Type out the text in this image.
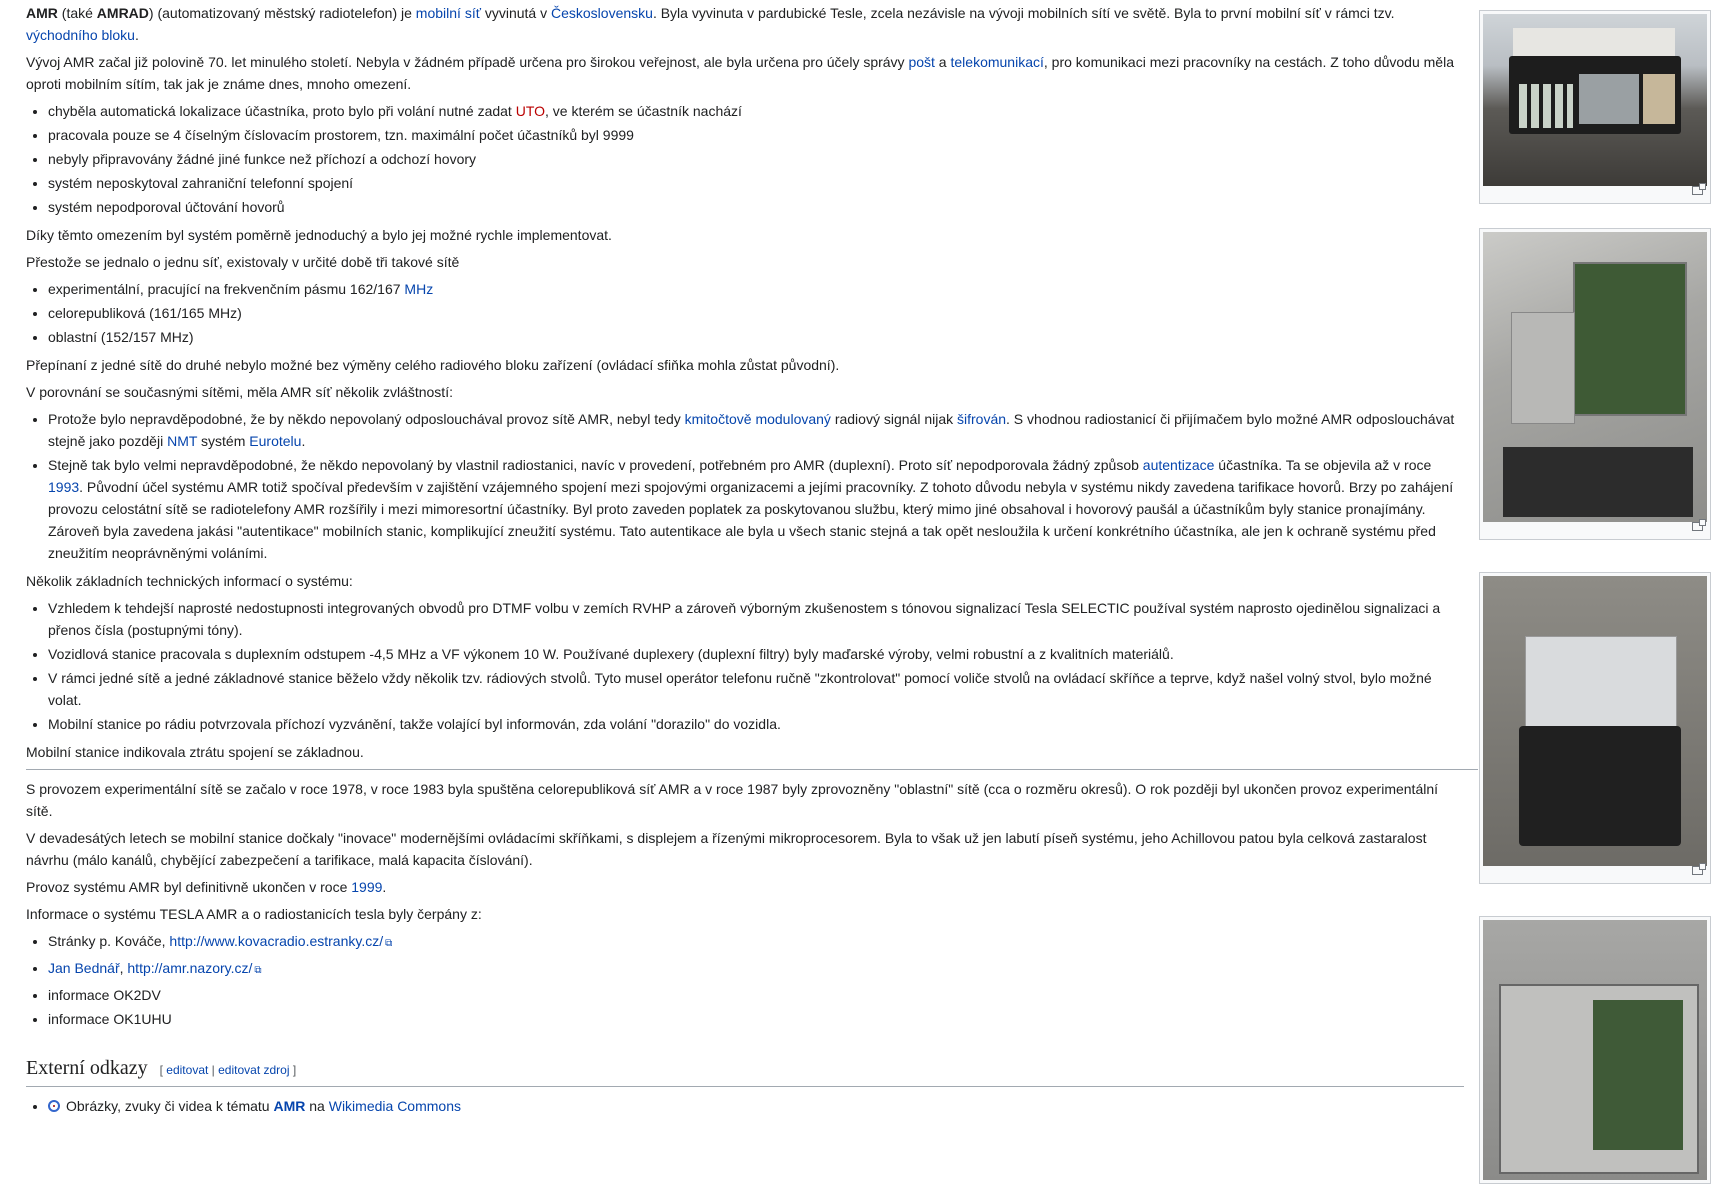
AMR (také AMRAD) (automatizovaný městský radiotelefon) je mobilní síť vyvinutá v Československu. Byla vyvinuta v pardubické Tesle, zcela nezávisle na vývoji mobilních sítí ve světě. Byla to první mobilní síť v rámci tzv. východního bloku.

Vývoj AMR začal již polovině 70. let minulého století. Nebyla v žádném případě určena pro širokou veřejnost, ale byla určena pro účely správy pošt a telekomunikací, pro komunikaci mezi pracovníky na cestách. Z toho důvodu měla oproti mobilním sítím, tak jak je známe dnes, mnoho omezení.

• chyběla automatická lokalizace účastníka, proto bylo při volání nutné zadat UTO, ve kterém se účastník nachází
• pracovala pouze se 4 číselným číslovacím prostorem, tzn. maximální počet účastníků byl 9999
• nebyly připravovány žádné jiné funkce než příchozí a odchozí hovory
• systém neposkytoval zahraniční telefonní spojení
• systém nepodporoval účtování hovorů

Díky těmto omezením byl systém poměrně jednoduchý a bylo jej možné rychle implementovat.

Přestože se jednalo o jednu síť, existovaly v určité době tři takové sítě

• experimentální, pracující na frekvenčním pásmu 162/167 MHz
• celorepubliková (161/165 MHz)
• oblastní (152/157 MHz)

Přepínaní z jedné sítě do druhé nebylo možné bez výměny celého radiového bloku zařízení (ovládací sfiňka mohla zůstat původní).

V porovnání se současnými sítěmi, měla AMR síť několik zvláštností:

• Protože bylo nepravděpodobné, že by někdo nepovolaný odposlouchával provoz sítě AMR, nebyl tedy kmitočtově modulovaný radiový signál nijak šifrován. S vhodnou radiostanicí či přijímačem bylo možné AMR odposlouchávat stejně jako později NMT systém Eurotelu.
• Stejně tak bylo velmi nepravděpodobné, že někdo nepovolaný by vlastnil radiostanici, navíc v provedení, potřebném pro AMR (duplexní). Proto síť nepodporovala žádný způsob autentizace účastníka. Ta se objevila až v roce 1993. Původní účel systému AMR totiž spočíval především v zajištění vzájemného spojení mezi spojovými organizacemi a jejími pracovníky. Z tohoto důvodu nebyla v systému nikdy zavedena tarifikace hovorů. Brzy po zahájení provozu celostátní sítě se radiotelefony AMR rozšířily i mezi mimoresortní účastníky. Byl proto zaveden poplatek za poskytovanou službu, který mimo jiné obsahoval i hovorový paušál a účastníkům byly stanice pronajímány. Zároveň byla zavedena jakási "autentikace" mobilních stanic, komplikující zneužití systému. Tato autentikace ale byla u všech stanic stejná a tak opět nesloužila k určení konkrétního účastníka, ale jen k ochraně systému před zneužitím neoprávněnými voláními.

Několik základních technických informací o systému:

• Vzhledem k tehdejší naprosté nedostupnosti integrovaných obvodů pro DTMF volbu v zemích RVHP a zároveň výborným zkušenostem s tónovou signalizací Tesla SELECTIC používal systém naprosto ojedinělou signalizaci a přenos čísla (postupnými tóny).
• Vozidlová stanice pracovala s duplexním odstupem -4,5 MHz a VF výkonem 10 W. Používané duplexery (duplexní filtry) byly maďarské výroby, velmi robustní a z kvalitních materiálů.
• V rámci jedné sítě a jedné základnové stanice běželo vždy několik tzv. rádiových stvolů. Tyto musel operátor telefonu ručně "zkontrolovat" pomocí voliče stvolů na ovládací skříňce a teprve, když našel volný stvol, bylo možné volat.
• Mobilní stanice po rádiu potvrzovala příchozí vyzvánění, takže volající byl informován, zda volání "dorazilo" do vozidla.

Mobilní stanice indikovala ztrátu spojení se základnou.

S provozem experimentální sítě se začalo v roce 1978, v roce 1983 byla spuštěna celorepubliková síť AMR a v roce 1987 byly zprovozněny "oblastní" sítě (cca o rozměru okresů). O rok později byl ukončen provoz experimentální sítě.

V devadesátých letech se mobilní stanice dočkaly "inovace" modernějšími ovládacími skříňkami, s displejem a řízenými mikroprocesorem. Byla to však už jen labutí píseň systému, jeho Achillovou patou byla celková zastaralost návrhu (málo kanálů, chybějící zabezpečení a tarifikace, malá kapacita číslování).

Provoz systému AMR byl definitivně ukončen v roce 1999.

Informace o systému TESLA AMR a o radiostanicích tesla byly čerpány z:

• Stránky p. Kováče, http://www.kovacradio.estranky.cz/ ⧉
• Jan Bednář, http://amr.nazory.cz/ ⧉
• informace OK2DV
• informace OK1UHU
Externí odkazy [ editovat | editovat zdroj ]
• Obrázky, zvuky či videa k tématu AMR na Wikimedia Commons
